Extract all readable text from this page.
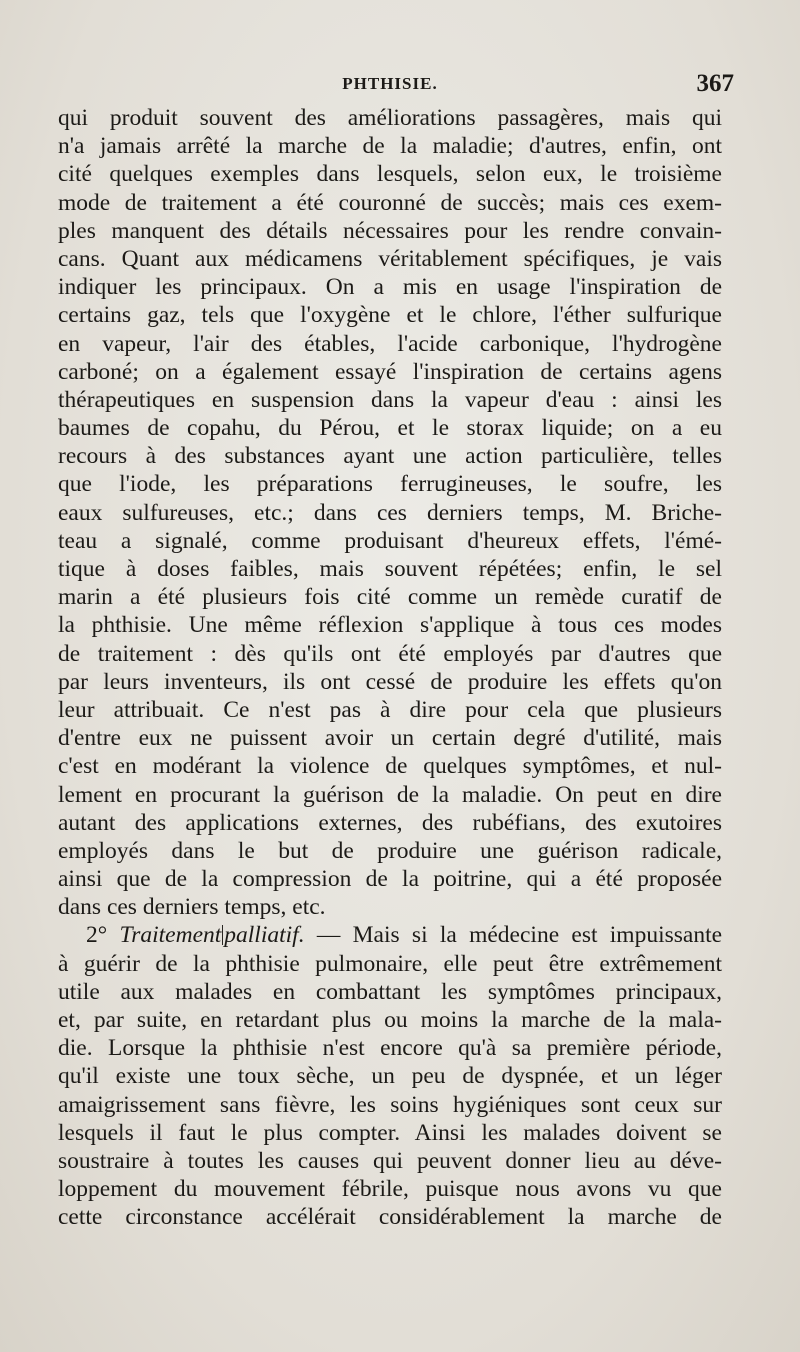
PHTHISIE.	367
qui produit souvent des améliorations passagères, mais qui
n'a jamais arrêté la marche de la maladie; d'autres, enfin, ont
cité quelques exemples dans lesquels, selon eux, le troisième
mode de traitement a été couronné de succès; mais ces exem-
ples manquent des détails nécessaires pour les rendre convain-
cans. Quant aux médicamens véritablement spécifiques, je vais
indiquer les principaux. On a mis en usage l'inspiration de
certains gaz, tels que l'oxygène et le chlore, l'éther sulfurique
en vapeur, l'air des étables, l'acide carbonique, l'hydrogène
carboné; on a également essayé l'inspiration de certains agens
thérapeutiques en suspension dans la vapeur d'eau : ainsi les
baumes de copahu, du Pérou, et le storax liquide; on a eu
recours à des substances ayant une action particulière, telles
que l'iode, les préparations ferrugineuses, le soufre, les
eaux sulfureuses, etc.; dans ces derniers temps, M. Briche-
teau a signalé, comme produisant d'heureux effets, l'émé-
tique à doses faibles, mais souvent répétées; enfin, le sel
marin a été plusieurs fois cité comme un remède curatif de
la phthisie. Une même réflexion s'applique à tous ces modes
de traitement : dès qu'ils ont été employés par d'autres que
par leurs inventeurs, ils ont cessé de produire les effets qu'on
leur attribuait. Ce n'est pas à dire pour cela que plusieurs
d'entre eux ne puissent avoir un certain degré d'utilité, mais
c'est en modérant la violence de quelques symptômes, et nul-
lement en procurant la guérison de la maladie. On peut en dire
autant des applications externes, des rubéfians, des exutoires
employés dans le but de produire une guérison radicale,
ainsi que de la compression de la poitrine, qui a été proposée
dans ces derniers temps, etc.
2° Traitement palliatif. — Mais si la médecine est impuissante
à guérir de la phthisie pulmonaire, elle peut être extrêmement
utile aux malades en combattant les symptômes principaux,
et, par suite, en retardant plus ou moins la marche de la mala-
die. Lorsque la phthisie n'est encore qu'à sa première période,
qu'il existe une toux sèche, un peu de dyspnée, et un léger
amaigrissement sans fièvre, les soins hygiéniques sont ceux sur
lesquels il faut le plus compter. Ainsi les malades doivent se
soustraire à toutes les causes qui peuvent donner lieu au déve-
loppement du mouvement fébrile, puisque nous avons vu que
cette circonstance accélérait considérablement la marche de
